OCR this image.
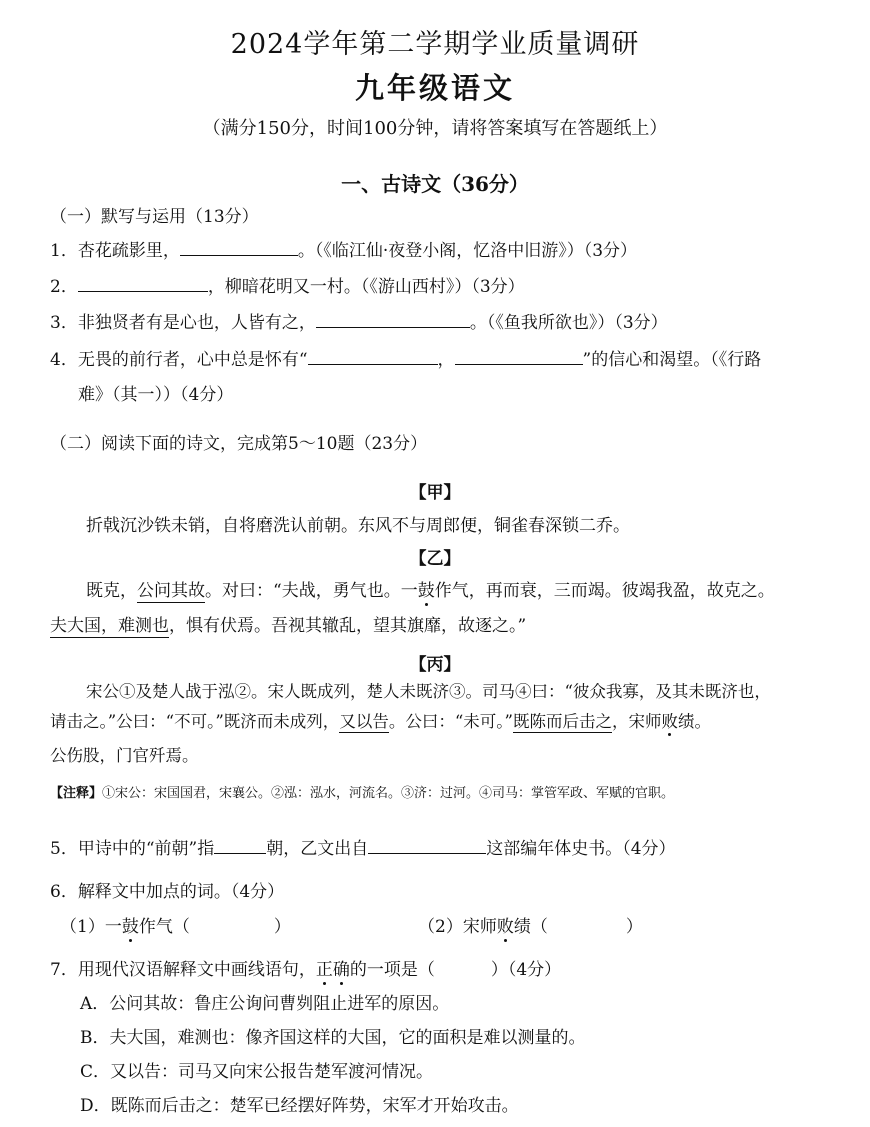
2024学年第二学期学业质量调研
九年级语文
（满分150分，时间100分钟，请将答案填写在答题纸上）
一、古诗文（36分）
（一）默写与运用（13分）
1．杏花疏影里，	。（《临江仙·夜登小阁，忆洛中旧游》）（3分）
2．	，柳暗花明又一村。（《游山西村》）（3分）
3．非独贤者有是心也，人皆有之，	。（《鱼我所欲也》）（3分）
4．无畏的前行者，心中总是怀有“	，	”的信心和渴望。（《行路
难》（其一））（4分）
（二）阅读下面的诗文，完成第5～10题（23分）
【甲】
折戟沉沙铁未销，自将磨洗认前朝。东风不与周郎便，铜雀春深锁二乔。
【乙】
既克，公问其故。对曰：“夫战，勇气也。一鼓作气，再而衰，三而竭。彼竭我盈，故克之。
夫大国，难测也，惧有伏焉。吾视其辙乱，望其旗靡，故逐之。”
【丙】
宋公①及楚人战于泓②。宋人既成列，楚人未既济③。司马④曰：“彼众我寡，及其未既济也，
请击之。”公曰：“不可。”既济而未成列，又以告。公曰：“未可。”既陈而后击之，宋师败绩。
公伤股，门官歼焉。
【注释】①宋公：宋国国君，宋襄公。②泓：泓水，河流名。③济：过河。④司马：掌管军政、军赋的官职。
5．甲诗中的“前朝”指	朝，乙文出自	这部编年体史书。（4分）
6．解释文中加点的词。（4分）
（1）一鼓作气（	）	（2）宋师败绩（	）
7．用现代汉语解释文中画线语句，正确的一项是（	）（4分）
A．公问其故：鲁庄公询问曹刿阻止进军的原因。
B．夫大国，难测也：像齐国这样的大国，它的面积是难以测量的。
C．又以告：司马又向宋公报告楚军渡河情况。
D．既陈而后击之：楚军已经摆好阵势，宋军才开始攻击。
